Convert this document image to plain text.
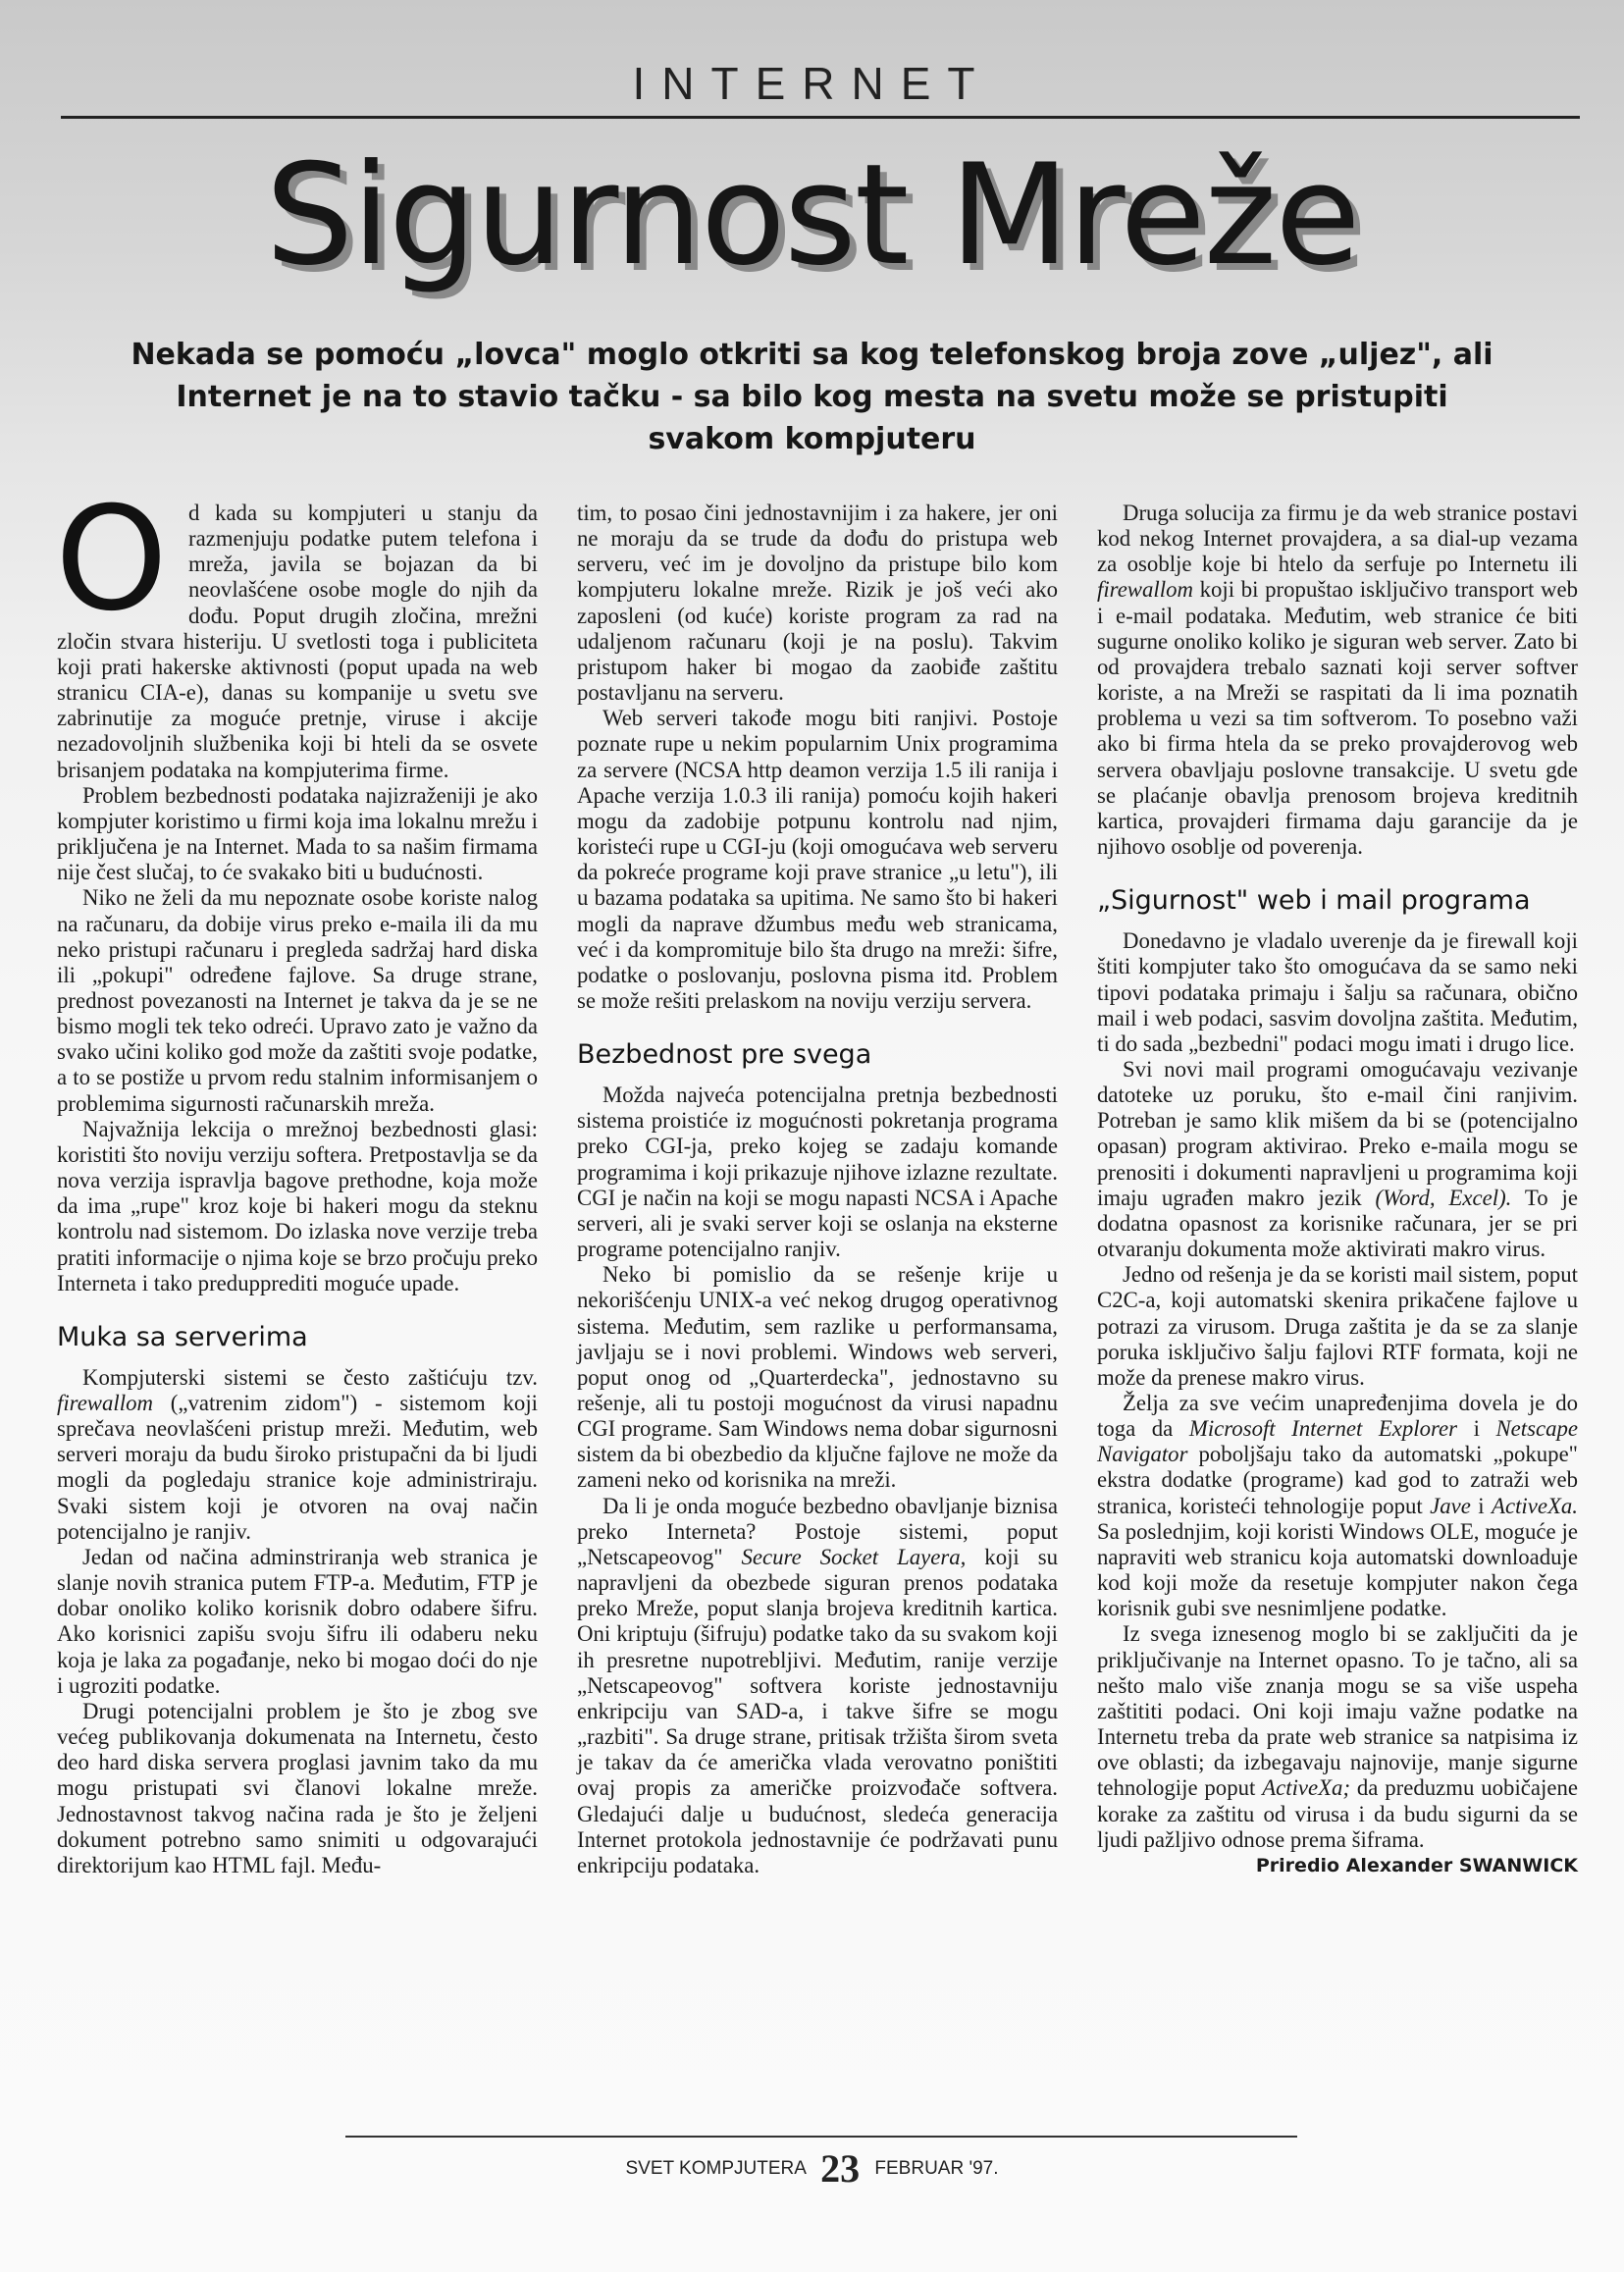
INTERNET
Sigurnost Mreže
Nekada se pomoću „lovca" moglo otkriti sa kog telefonskog broja zove „uljez", ali Internet je na to stavio tačku - sa bilo kog mesta na svetu može se pristupiti svakom kompjuteru

Od kada su kompjuteri u stanju da razmenjuju podatke putem telefona i mreža, javila se bojazan da bi neovlašćene osobe mogle do njih da dođu. Poput drugih zločina, mrežni zločin stvara histeriju. U svetlosti toga i publiciteta koji prati hakerske aktivnosti (poput upada na web stranicu CIA-e), danas su kompanije u svetu sve zabrinutije za moguće pretnje, viruse i akcije nezadovoljnih službenika koji bi hteli da se osvete brisanjem podataka na kompjuterima firme.

Problem bezbednosti podataka najizraženiji je ako kompjuter koristimo u firmi koja ima lokalnu mrežu i priključena je na Internet. Mada to sa našim firmama nije čest slučaj, to će svakako biti u budućnosti.

Niko ne želi da mu nepoznate osobe koriste nalog na računaru, da dobije virus preko e-maila ili da mu neko pristupi računaru i pregleda sadržaj hard diska ili „pokupi" određene fajlove. Sa druge strane, prednost povezanosti na Internet je takva da je se ne bismo mogli tek teko odreći. Upravo zato je važno da svako učini koliko god može da zaštiti svoje podatke, a to se postiže u prvom redu stalnim informisanjem o problemima sigurnosti računarskih mreža.

Najvažnija lekcija o mrežnoj bezbednosti glasi: koristiti što noviju verziju softera. Pretpostavlja se da nova verzija ispravlja bagove prethodne, koja može da ima „rupe" kroz koje bi hakeri mogu da steknu kontrolu nad sistemom. Do izlaska nove verzije treba pratiti informacije o njima koje se brzo pročuju preko Interneta i tako predupprediti moguće upade.

Muka sa serverima

Kompjuterski sistemi se često zaštićuju tzv. firewallom („vatrenim zidom") - sistemom koji sprečava neovlašćeni pristup mreži. Međutim, web serveri moraju da budu široko pristupačni da bi ljudi mogli da pogledaju stranice koje administriraju. Svaki sistem koji je otvoren na ovaj način potencijalno je ranjiv.

Jedan od načina adminstriranja web stranica je slanje novih stranica putem FTP-a. Međutim, FTP je dobar onoliko koliko korisnik dobro odabere šifru. Ako korisnici zapišu svoju šifru ili odaberu neku koja je laka za pogađanje, neko bi mogao doći do nje i ugroziti podatke.

Drugi potencijalni problem je što je zbog sve većeg publikovanja dokumenata na Internetu, često deo hard diska servera proglasi javnim tako da mu mogu pristupati svi članovi lokalne mreže. Jednostavnost takvog načina rada je što je željeni dokument potrebno samo snimiti u odgovarajući direktorijum kao HTML fajl. Među-

tim, to posao čini jednostavnijim i za hakere, jer oni ne moraju da se trude da dođu do pristupa web serveru, već im je dovoljno da pristupe bilo kom kompjuteru lokalne mreže. Rizik je još veći ako zaposleni (od kuće) koriste program za rad na udaljenom računaru (koji je na poslu). Takvim pristupom haker bi mogao da zaobiđe zaštitu postavljanu na serveru.

Web serveri takođe mogu biti ranjivi. Postoje poznate rupe u nekim popularnim Unix programima za servere (NCSA http deamon verzija 1.5 ili ranija i Apache verzija 1.0.3 ili ranija) pomoću kojih hakeri mogu da zadobije potpunu kontrolu nad njim, koristeći rupe u CGI-ju (koji omogućava web serveru da pokreće programe koji prave stranice „u letu"), ili u bazama podataka sa upitima. Ne samo što bi hakeri mogli da naprave džumbus među web stranicama, već i da kompromituje bilo šta drugo na mreži: šifre, podatke o poslovanju, poslovna pisma itd. Problem se može rešiti prelaskom na noviju verziju servera.

Bezbednost pre svega

Možda najveća potencijalna pretnja bezbednosti sistema proistiće iz mogućnosti pokretanja programa preko CGI-ja, preko kojeg se zadaju komande programima i koji prikazuje njihove izlazne rezultate. CGI je način na koji se mogu napasti NCSA i Apache serveri, ali je svaki server koji se oslanja na eksterne programe potencijalno ranjiv.

Neko bi pomislio da se rešenje krije u nekorišćenju UNIX-a već nekog drugog operativnog sistema. Međutim, sem razlike u performansama, javljaju se i novi problemi. Windows web serveri, poput onog od „Quarterdecka", jednostavno su rešenje, ali tu postoji mogućnost da virusi napadnu CGI programe. Sam Windows nema dobar sigurnosni sistem da bi obezbedio da ključne fajlove ne može da zameni neko od korisnika na mreži.

Da li je onda moguće bezbedno obavljanje biznisa preko Interneta? Postoje sistemi, poput „Netscapeovog" Secure Socket Layera, koji su napravljeni da obezbede siguran prenos podataka preko Mreže, poput slanja brojeva kreditnih kartica. Oni kriptuju (šifruju) podatke tako da su svakom koji ih presretne nupotrebljivi. Međutim, ranije verzije „Netscapeovog" softvera koriste jednostavniju enkripciju van SAD-a, i takve šifre se mogu „razbiti". Sa druge strane, pritisak tržišta širom sveta je takav da će američka vlada verovatno poništiti ovaj propis za američke proizvođače softvera. Gledajući dalje u budućnost, sledeća generacija Internet protokola jednostavnije će podržavati punu enkripciju podataka.

Druga solucija za firmu je da web stranice postavi kod nekog Internet provajdera, a sa dial-up vezama za osoblje koje bi htelo da serfuje po Internetu ili firewallom koji bi propuštao isključivo transport web i e-mail podataka. Međutim, web stranice će biti sugurne onoliko koliko je siguran web server. Zato bi od provajdera trebalo saznati koji server softver koriste, a na Mreži se raspitati da li ima poznatih problema u vezi sa tim softverom. To posebno važi ako bi firma htela da se preko provajderovog web servera obavljaju poslovne transakcije. U svetu gde se plaćanje obavlja prenosom brojeva kreditnih kartica, provajderi firmama daju garancije da je njihovo osoblje od poverenja.

„Sigurnost" web i mail programa

Donedavno je vladalo uverenje da je firewall koji štiti kompjuter tako što omogućava da se samo neki tipovi podataka primaju i šalju sa računara, obično mail i web podaci, sasvim dovoljna zaštita. Međutim, ti do sada „bezbedni" podaci mogu imati i drugo lice.

Svi novi mail programi omogućavaju vezivanje datoteke uz poruku, što e-mail čini ranjivim. Potreban je samo klik mišem da bi se (potencijalno opasan) program aktivirao. Preko e-maila mogu se prenositi i dokumenti napravljeni u programima koji imaju ugrađen makro jezik (Word, Excel). To je dodatna opasnost za korisnike računara, jer se pri otvaranju dokumenta može aktivirati makro virus.

Jedno od rešenja je da se koristi mail sistem, poput C2C-a, koji automatski skenira prikačene fajlove u potrazi za virusom. Druga zaštita je da se za slanje poruka isključivo šalju fajlovi RTF formata, koji ne može da prenese makro virus.

Želja za sve većim unapređenjima dovela je do toga da Microsoft Internet Explorer i Netscape Navigator poboljšaju tako da automatski „pokupe" ekstra dodatke (programe) kad god to zatraži web stranica, koristeći tehnologije poput Jave i ActiveXa. Sa poslednjim, koji koristi Windows OLE, moguće je napraviti web stranicu koja automatski downloaduje kod koji može da resetuje kompjuter nakon čega korisnik gubi sve nesnimljene podatke.

Iz svega iznesenog moglo bi se zaključiti da je priključivanje na Internet opasno. To je tačno, ali sa nešto malo više znanja mogu se sa više uspeha zaštititi podaci. Oni koji imaju važne podatke na Internetu treba da prate web stranice sa natpisima iz ove oblasti; da izbegavaju najnovije, manje sigurne tehnologije poput ActiveXa; da preduzmu uobičajene korake za zaštitu od virusa i da budu sigurni da se ljudi pažljivo odnose prema šiframa.

Priredio Alexander SWANWICK

SVET KOMPJUTERA 23 FEBRUAR '97.
